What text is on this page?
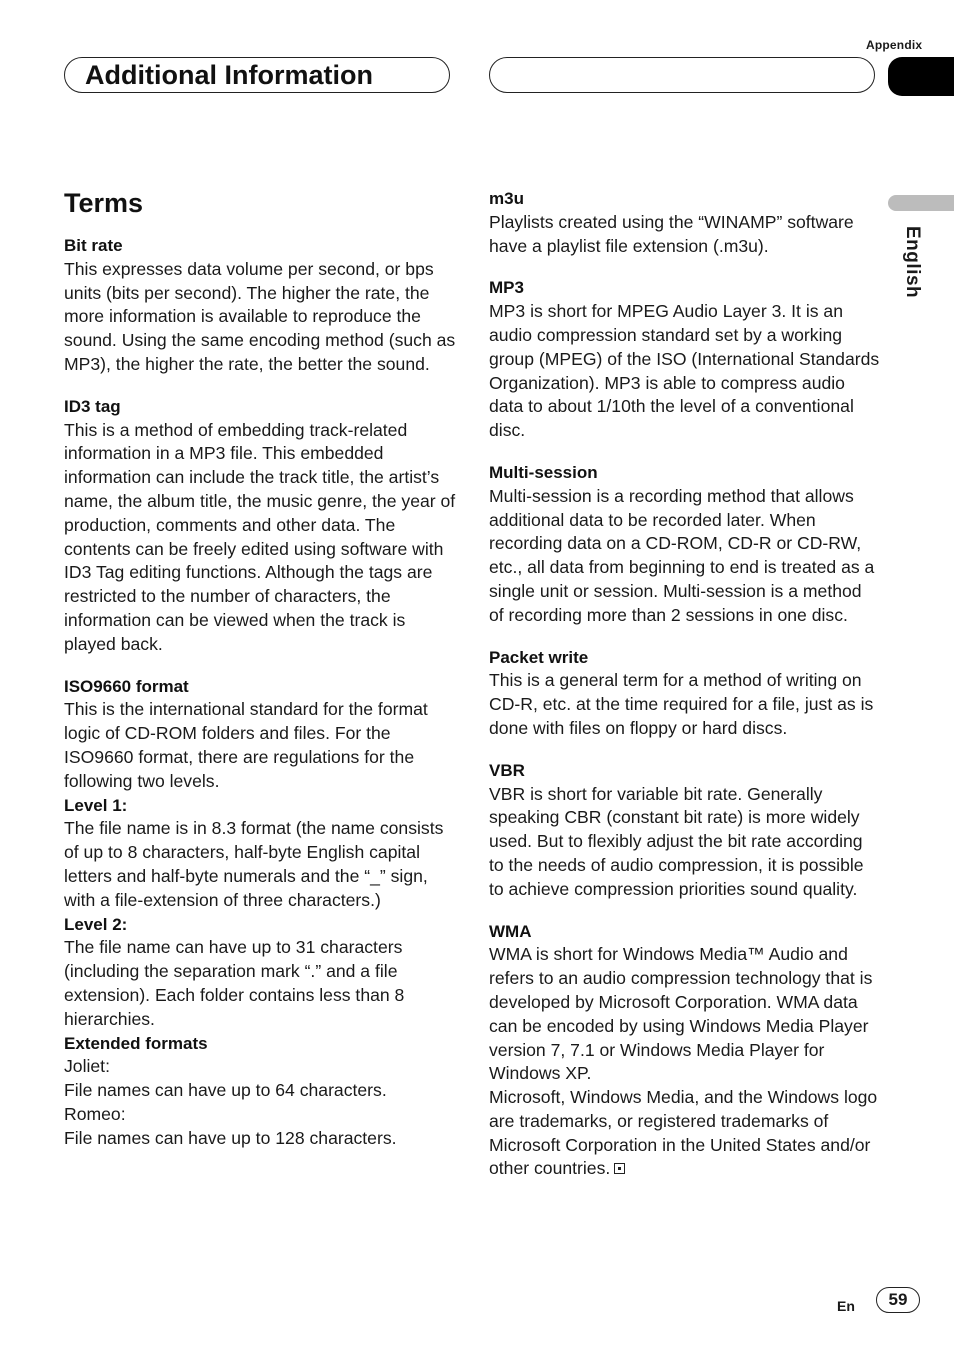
Appendix
Additional Information
English
Terms
Bit rate

This expresses data volume per second, or bps units (bits per second). The higher the rate, the more information is available to reproduce the sound. Using the same encoding method (such as MP3), the higher the rate, the better the sound.

ID3 tag

This is a method of embedding track-related information in a MP3 file. This embedded information can include the track title, the artist’s name, the album title, the music genre, the year of production, comments and other data. The contents can be freely edited using software with ID3 Tag editing functions. Although the tags are restricted to the number of characters, the information can be viewed when the track is played back.

ISO9660 format

This is the international standard for the format logic of CD-ROM folders and files. For the ISO9660 format, there are regulations for the following two levels.

Level 1:

The file name is in 8.3 format (the name consists of up to 8 characters, half-byte English capital letters and half-byte numerals and the “_” sign, with a file-extension of three characters.)

Level 2:

The file name can have up to 31 characters (including the separation mark “.” and a file extension). Each folder contains less than 8 hierarchies.

Extended formats

Joliet:

File names can have up to 64 characters.

Romeo:

File names can have up to 128 characters.

m3u

Playlists created using the “WINAMP” software have a playlist file extension (.m3u).

MP3

MP3 is short for MPEG Audio Layer 3. It is an audio compression standard set by a working group (MPEG) of the ISO (International Standards Organization). MP3 is able to compress audio data to about 1/10th the level of a conventional disc.

Multi-session

Multi-session is a recording method that allows additional data to be recorded later. When recording data on a CD-ROM, CD-R or CD-RW, etc., all data from beginning to end is treated as a single unit or session. Multi-session is a method of recording more than 2 sessions in one disc.

Packet write

This is a general term for a method of writing on CD-R, etc. at the time required for a file, just as is done with files on floppy or hard discs.

VBR

VBR is short for variable bit rate. Generally speaking CBR (constant bit rate) is more widely used. But to flexibly adjust the bit rate according to the needs of audio compression, it is possible to achieve compression priorities sound quality.

WMA

WMA is short for Windows Media™ Audio and refers to an audio compression technology that is developed by Microsoft Corporation. WMA data can be encoded by using Windows Media Player version 7, 7.1 or Windows Media Player for Windows XP.

Microsoft, Windows Media, and the Windows logo are trademarks, or registered trademarks of Microsoft Corporation in the United States and/or other countries.

En	59
